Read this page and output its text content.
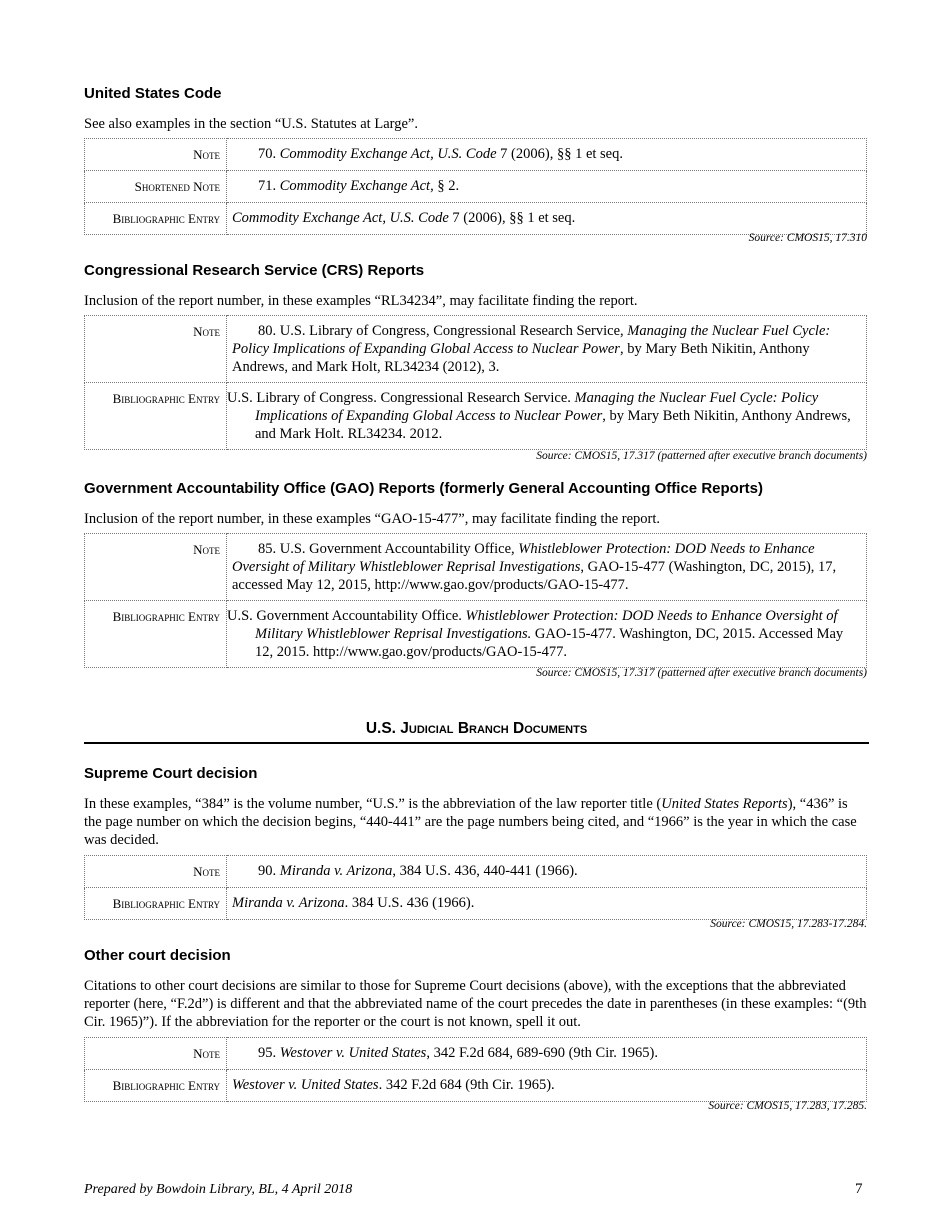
United States Code

See also examples in the section “U.S. Statutes at Large”.

Note	70. Commodity Exchange Act, U.S. Code 7 (2006), §§ 1 et seq.
Shortened Note	71. Commodity Exchange Act, § 2.
Bibliographic Entry	Commodity Exchange Act, U.S. Code 7 (2006), §§ 1 et seq.
Source: CMOS15, 17.310
Congressional Research Service (CRS) Reports

Inclusion of the report number, in these examples “RL34234”, may facilitate finding the report.

Note	80. U.S. Library of Congress, Congressional Research Service, Managing the Nuclear Fuel Cycle: Policy Implications of Expanding Global Access to Nuclear Power, by Mary Beth Nikitin, Anthony Andrews, and Mark Holt, RL34234 (2012), 3.
Bibliographic Entry	U.S. Library of Congress. Congressional Research Service. Managing the Nuclear Fuel Cycle: Policy Implications of Expanding Global Access to Nuclear Power, by Mary Beth Nikitin, Anthony Andrews, and Mark Holt. RL34234. 2012.
Source: CMOS15, 17.317 (patterned after executive branch documents)
Government Accountability Office (GAO) Reports (formerly General Accounting Office Reports)

Inclusion of the report number, in these examples “GAO-15-477”, may facilitate finding the report.

Note	85. U.S. Government Accountability Office, Whistleblower Protection: DOD Needs to Enhance Oversight of Military Whistleblower Reprisal Investigations, GAO-15-477 (Washington, DC, 2015), 17, accessed May 12, 2015, http://www.gao.gov/products/GAO-15-477.
Bibliographic Entry	U.S. Government Accountability Office. Whistleblower Protection: DOD Needs to Enhance Oversight of Military Whistleblower Reprisal Investigations. GAO-15-477. Washington, DC, 2015. Accessed May 12, 2015. http://www.gao.gov/products/GAO-15-477.
Source: CMOS15, 17.317 (patterned after executive branch documents)
U.S. Judicial Branch Documents
Supreme Court decision

In these examples, “384” is the volume number, “U.S.” is the abbreviation of the law reporter title (United States Reports), “436” is the page number on which the decision begins, “440-441” are the page numbers being cited, and “1966” is the year in which the case was decided.

Note	90. Miranda v. Arizona, 384 U.S. 436, 440-441 (1966).
Bibliographic Entry	Miranda v. Arizona. 384 U.S. 436 (1966).
Source: CMOS15, 17.283-17.284.
Other court decision

Citations to other court decisions are similar to those for Supreme Court decisions (above), with the exceptions that the abbreviated reporter (here, “F.2d”) is different and that the abbreviated name of the court precedes the date in parentheses (in these examples: “(9th Cir. 1965)”). If the abbreviation for the reporter or the court is not known, spell it out.

Note	95. Westover v. United States, 342 F.2d 684, 689-690 (9th Cir. 1965).
Bibliographic Entry	Westover v. United States. 342 F.2d 684 (9th Cir. 1965).
Source: CMOS15, 17.283, 17.285.
Prepared by Bowdoin Library, BL, 4 April 2018	7
